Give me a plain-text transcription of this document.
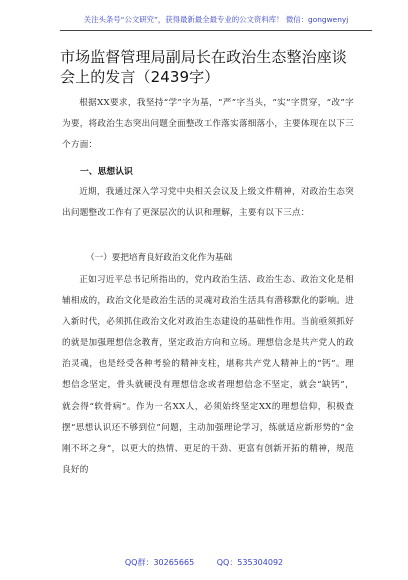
关注头条号“公文研究”，获得最新最全最专业的公文资料库！ 微信：gongwenyj
市场监督管理局副局长在政治生态整治座谈会上的发言（2439字）

根据XX要求，我坚持“学”字为基，“严”字当头，“实”字贯穿，“改”字为要，将政治生态突出问题全面整改工作落实落细落小，主要体现在以下三个方面：

一、思想认识

近期，我通过深入学习党中央相关会议及上级文件精神，对政治生态突出问题整改工作有了更深层次的认识和理解，主要有以下三点：

（一）要把培育良好政治文化作为基础

正如习近平总书记所指出的，党内政治生活、政治生态、政治文化是相辅相成的，政治文化是政治生活的灵魂对政治生活具有潜移默化的影响。进入新时代，必须抓住政治文化对政治生态建设的基础性作用。当前亟须抓好的就是加强理想信念教育，坚定政治方向和立场。理想信念是共产党人的政治灵魂，也是经受各种考验的精神支柱，堪称共产党人精神上的“钙”。理想信念坚定，骨头就硬没有理想信念或者理想信念不坚定，就会“缺钙”，就会得“软骨病”。作为一名XX人，必须始终坚定XX的理想信仰，积极查摆“思想认识还不够到位”问题，主动加强理论学习，练就适应新形势的“金刚不坏之身”，以更大的热情、更足的干劲、更富有创新开拓的精神，规范良好的

QQ群：30265665	QQ：535304092
